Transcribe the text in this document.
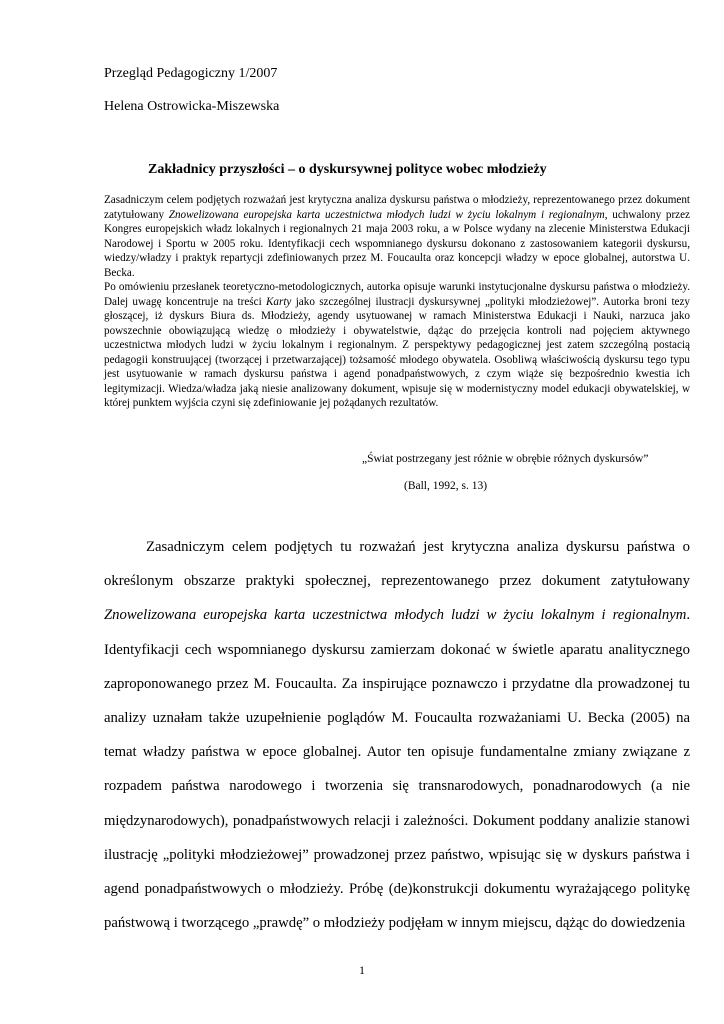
Przegląd Pedagogiczny 1/2007
Helena Ostrowicka-Miszewska
Zakładnicy przyszłości – o dyskursywnej polityce wobec młodzieży

Zasadniczym celem podjętych rozważań jest krytyczna analiza dyskursu państwa o młodzieży, reprezentowanego przez dokument zatytułowany Znowelizowana europejska karta uczestnictwa młodych ludzi w życiu lokalnym i regionalnym, uchwalony przez Kongres europejskich władz lokalnych i regionalnych 21 maja 2003 roku, a w Polsce wydany na zlecenie Ministerstwa Edukacji Narodowej i Sportu w 2005 roku. Identyfikacji cech wspomnianego dyskursu dokonano z zastosowaniem kategorii dyskursu, wiedzy/władzy i praktyk repartycji zdefiniowanych przez M. Foucaulta oraz koncepcji władzy w epoce globalnej, autorstwa U. Becka.

Po omówieniu przesłanek teoretyczno-metodologicznych, autorka opisuje warunki instytucjonalne dyskursu państwa o młodzieży. Dalej uwagę koncentruje na treści Karty jako szczególnej ilustracji dyskursywnej „polityki młodzieżowej”. Autorka broni tezy głoszącej, iż dyskurs Biura ds. Młodzieży, agendy usytuowanej w ramach Ministerstwa Edukacji i Nauki, narzuca jako powszechnie obowiązującą wiedzę o młodzieży i obywatelstwie, dążąc do przejęcia kontroli nad pojęciem aktywnego uczestnictwa młodych ludzi w życiu lokalnym i regionalnym. Z perspektywy pedagogicznej jest zatem szczególną postacią pedagogii konstruującej (tworzącej i przetwarzającej) tożsamość młodego obywatela. Osobliwą właściwością dyskursu tego typu jest usytuowanie w ramach dyskursu państwa i agend ponadpaństwowych, z czym wiąże się bezpośrednio kwestia ich legitymizacji. Wiedza/władza jaką niesie analizowany dokument, wpisuje się w modernistyczny model edukacji obywatelskiej, w której punktem wyjścia czyni się zdefiniowanie jej pożądanych rezultatów.

„Świat postrzegany jest różnie w obrębie różnych dyskursów”
(Ball, 1992, s. 13)

Zasadniczym celem podjętych tu rozważań jest krytyczna analiza dyskursu państwa o określonym obszarze praktyki społecznej, reprezentowanego przez dokument zatytułowany Znowelizowana europejska karta uczestnictwa młodych ludzi w życiu lokalnym i regionalnym. Identyfikacji cech wspomnianego dyskursu zamierzam dokonać w świetle aparatu analitycznego zaproponowanego przez M. Foucaulta. Za inspirujące poznawczo i przydatne dla prowadzonej tu analizy uznałam także uzupełnienie poglądów M. Foucaulta rozważaniami U. Becka (2005) na temat władzy państwa w epoce globalnej. Autor ten opisuje fundamentalne zmiany związane z rozpadem państwa narodowego i tworzenia się transnarodowych, ponadnarodowych (a nie międzynarodowych), ponadpaństwowych relacji i zależności. Dokument poddany analizie stanowi ilustrację „polityki młodzieżowej” prowadzonej przez państwo, wpisując się w dyskurs państwa i agend ponadpaństwowych o młodzieży. Próbę (de)konstrukcji dokumentu wyrażającego politykę państwową i tworzącego „prawdę” o młodzieży podjęłam w innym miejscu, dążąc do dowiedzenia

1
